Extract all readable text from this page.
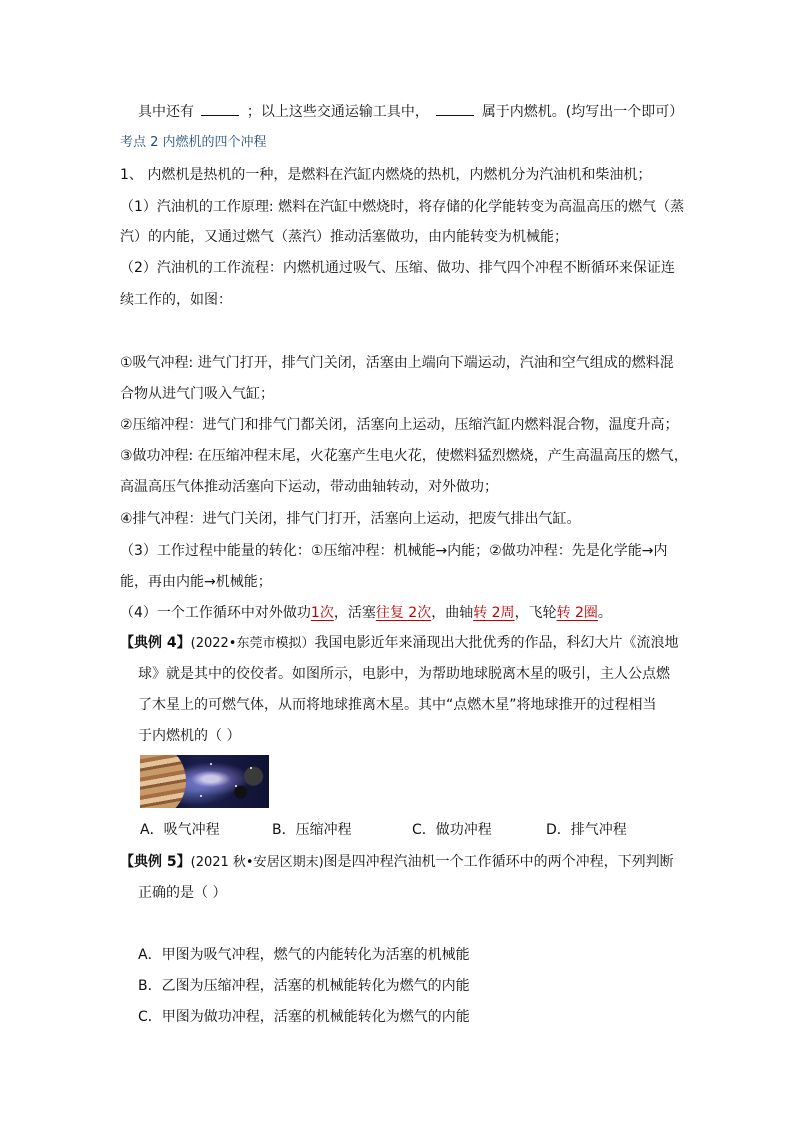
具中还有	；以上这些交通运输工具中，	属于内燃机。(均写出一个即可）
考点 2 内燃机的四个冲程
1、 内燃机是热机的一种，是燃料在汽缸内燃烧的热机，内燃机分为汽油机和柴油机；
（1）汽油机的工作原理: 燃料在汽缸中燃烧时，将存储的化学能转变为高温高压的燃气（蒸
汽）的内能，又通过燃气（蒸汽）推动活塞做功，由内能转变为机械能；
（2）汽油机的工作流程：内燃机通过吸气、压缩、做功、排气四个冲程不断循环来保证连
续工作的，如图：
①吸气冲程: 进气门打开，排气门关闭，活塞由上端向下端运动，汽油和空气组成的燃料混
合物从进气门吸入气缸；
②压缩冲程：进气门和排气门都关闭，活塞向上运动，压缩汽缸内燃料混合物，温度升高；
③做功冲程: 在压缩冲程末尾，火花塞产生电火花，使燃料猛烈燃烧，产生高温高压的燃气，
高温高压气体推动活塞向下运动，带动曲轴转动，对外做功；
④排气冲程：进气门关闭，排气门打开，活塞向上运动，把废气排出气缸。
（3）工作过程中能量的转化：①压缩冲程：机械能→内能；②做功冲程：先是化学能→内
能，再由内能→机械能；
（4）一个工作循环中对外做功1次，活塞往复 2次，曲轴转 2周，飞轮转 2圈。
【典例 4】(2022•东莞市模拟）我国电影近年来涌现出大批优秀的作品，科幻大片《流浪地
球》就是其中的佼佼者。如图所示，电影中，为帮助地球脱离木星的吸引，主人公点燃
了木星上的可燃气体，从而将地球推离木星。其中“点燃木星”将地球推开的过程相当
于内燃机的（ ）
A．吸气冲程	B．压缩冲程	C．做功冲程	D．排气冲程
【典例 5】(2021 秋•安居区期末)图是四冲程汽油机一个工作循环中的两个冲程，下列判断
正确的是（ ）
A．甲图为吸气冲程，燃气的内能转化为活塞的机械能
B．乙图为压缩冲程，活塞的机械能转化为燃气的内能
C．甲图为做功冲程，活塞的机械能转化为燃气的内能
